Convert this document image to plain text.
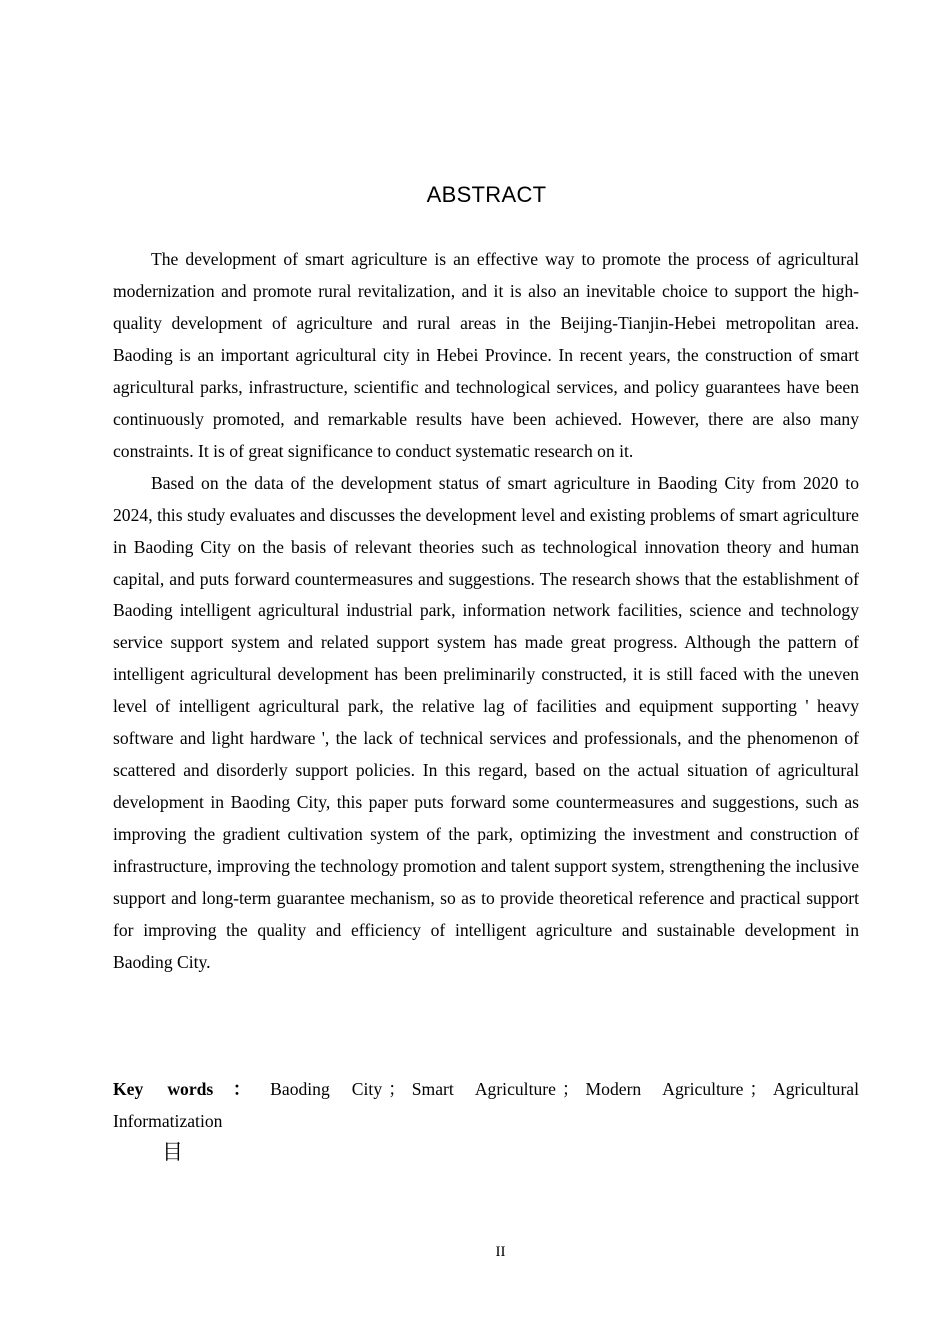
ABSTRACT

The development of smart agriculture is an effective way to promote the process of agricultural modernization and promote rural revitalization, and it is also an inevitable choice to support the high-quality development of agriculture and rural areas in the Beijing-Tianjin-Hebei metropolitan area. Baoding is an important agricultural city in Hebei Province. In recent years, the construction of smart agricultural parks, infrastructure, scientific and technological services, and policy guarantees have been continuously promoted, and remarkable results have been achieved. However, there are also many constraints. It is of great significance to conduct systematic research on it.

Based on the data of the development status of smart agriculture in Baoding City from 2020 to 2024, this study evaluates and discusses the development level and existing problems of smart agriculture in Baoding City on the basis of relevant theories such as technological innovation theory and human capital, and puts forward countermeasures and suggestions. The research shows that the establishment of Baoding intelligent agricultural industrial park, information network facilities, science and technology service support system and related support system has made great progress. Although the pattern of intelligent agricultural development has been preliminarily constructed, it is still faced with the uneven level of intelligent agricultural park, the relative lag of facilities and equipment supporting ' heavy software and light hardware ', the lack of technical services and professionals, and the phenomenon of scattered and disorderly support policies. In this regard, based on the actual situation of agricultural development in Baoding City, this paper puts forward some countermeasures and suggestions, such as improving the gradient cultivation system of the park, optimizing the investment and construction of infrastructure, improving the technology promotion and talent support system, strengthening the inclusive support and long-term guarantee mechanism, so as to provide theoretical reference and practical support for improving the quality and efficiency of intelligent agriculture and sustainable development in Baoding City.

Key words ： Baoding City ； Smart Agriculture ； Modern Agriculture ； Agricultural Informatization

目
II
